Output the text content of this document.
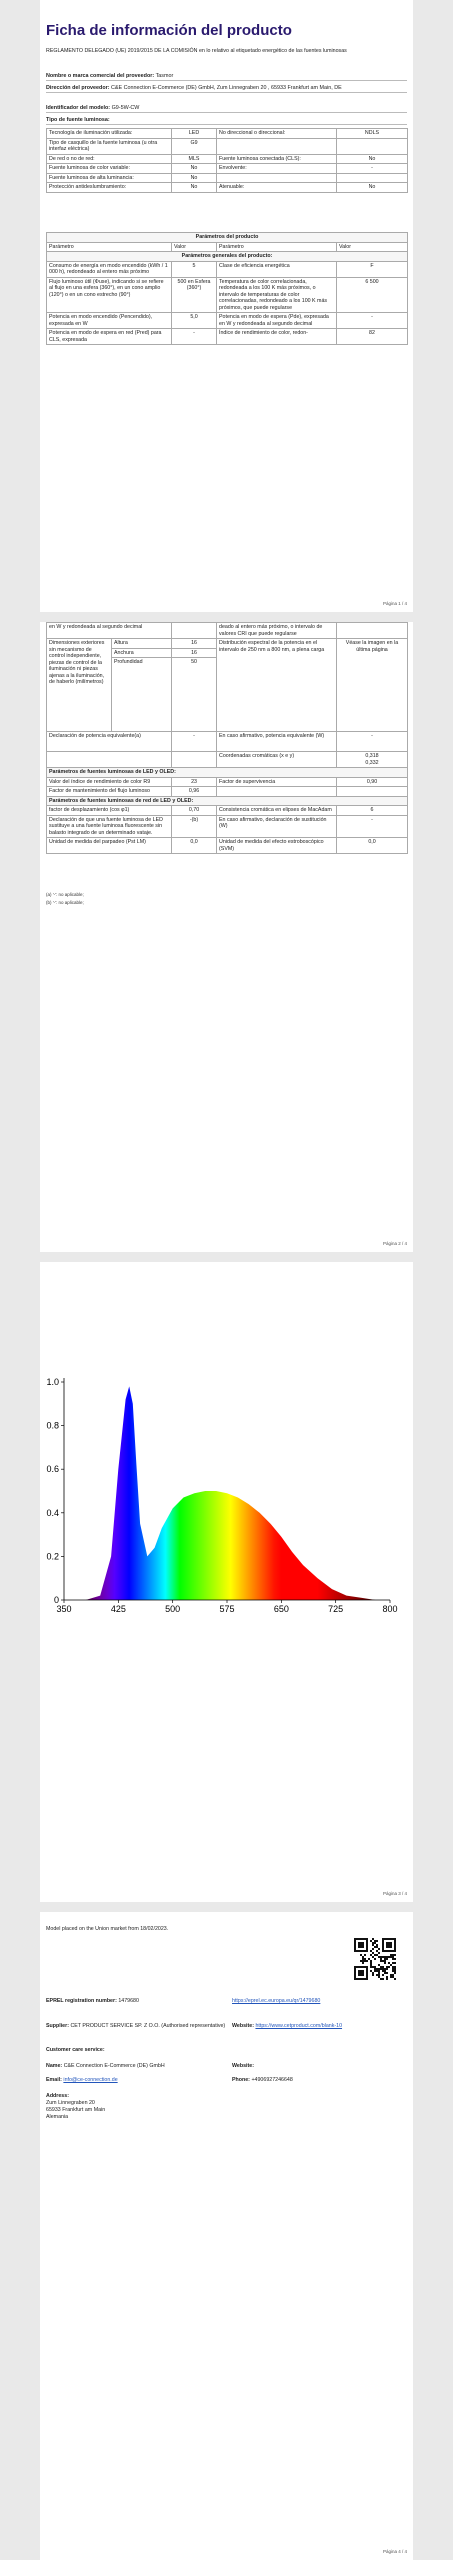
Ficha de información del producto
REGLAMENTO DELEGADO (UE) 2019/2015 DE LA COMISIÓN en lo relativo al etiquetado energético de las fuentes luminosas
Nombre o marca comercial del proveedor: Tasmor
Dirección del proveedor: C&E Connection E-Commerce (DE) GmbH, Zum Linnegraben 20 , 65933 Frankfurt am Main, DE
Identificador del modelo: G9-5W-CW
Tipo de fuente luminosa:
Tecnología de iluminación utilizada:	LED	No direccional o direccional:	NDLS
Tipo de casquillo de la fuente luminosa (u otra interfaz eléctrica)	G9		
De red o no de red:	MLS	Fuente luminosa conectada (CLS):	No
Fuente luminosa de color variable:	No	Envolvente:	-
Fuente luminosa de alta luminancia:	No		
Protección antideslumbramiento:	No	Atenuable:	No
Parámetros del producto			
Parámetro	Valor	Parámetro	Valor
Parámetros generales del producto:			
Consumo de energía en modo encendido (kWh / 1 000 h), redondeado al entero más próximo	5	Clase de eficiencia energética	F
Flujo luminoso útil (Φuse), indicando si se refiere al flujo en una esfera (360°), en un cono amplio (120°) o en un cono estrecho (90°)	500 en Esfera (360°)	Temperatura de color correlacionada, redondeada a los 100 K más próximos, o intervalo de temperaturas de color correlacionadas, redondeado a los 100 K más próximos, que puede regularse	6 500
Potencia en modo encendido (Pencendido), expresada en W	5,0	Potencia en modo de espera (Pde), expresada en W y redondeada al segundo decimal	-
Potencia en modo de espera en red (Pred) para CLS, expresada	-	Índice de rendimiento de color, redon-	82
Página 1 / 4
en W y redondeada al segundo decimal			deado al entero más próximo, o intervalo de valores CRI que puede regularse	
Dimensiones exteriores sin mecanismo de control independiente, piezas de control de la iluminación ni piezas ajenas a la iluminación, de haberlo (milímetros)	Altura	16	Distribución espectral de la potencia en el intervalo de 250 nm a 800 nm, a plena carga	Véase la imagen en la última página
	Anchura	16		
	Profundidad	50		
Declaración de potencia equivalente(a)		-	En caso afirmativo, potencia equivalente (W)	-
			Coordenadas cromáticas (x e y)	0,318
0,332

Parámetros de fuentes luminosas de LED y OLED:				
Valor del índice de rendimiento de color R9		23	Factor de supervivencia	0,90
Factor de mantenimiento del flujo luminoso		0,96		
Parámetros de fuentes luminosas de red de LED y OLED:				
factor de desplazamiento (cos φ1)		0,70	Consistencia cromática en elipses de MacAdam	6
Declaración de que una fuente luminosa de LED sustituye a una fuente luminosa fluorescente sin balasto integrado de un determinado vataje.		-(b)	En caso afirmativo, declaración de sustitución (W)	-
Unidad de medida del parpadeo (Pst LM)		0,0	Unidad de medida del efecto estroboscópico (SVM)	0,0
(a) '-': no aplicable;
(b) '-': no aplicable;
Página 2 / 4
350	425	500	575	650	725	800
0
0.2
0.4
0.6
0.8
1.0
Página 3 / 4
Model placed on the Union market from 18/02/2023.
EPREL registration number: 1479680	https://eprel.ec.europa.eu/qr/1479680
Supplier: CET PRODUCT SERVICE SP. Z O.O. (Authorised representative) Website: https://www.cetproduct.com/blank-10
Customer care service:
Name: C&E Connection E-Commerce (DE) GmbH	Website:
Email: info@ce-connection.de	Phone: +4906927246648
Address:
Zum Linnegraben 20
65933 Frankfurt am Main
Alemania
Página 4 / 4
